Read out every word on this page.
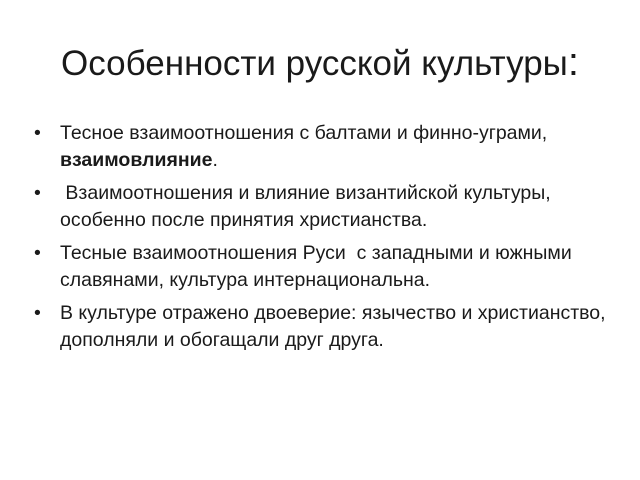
Особенности русской культуры:
• Тесное взаимоотношения с балтами и финно-уграми, взаимовлияние.
• Взаимоотношения и влияние византийской культуры, особенно после принятия христианства.
• Тесные взаимоотношения Руси  с западными и южными славянами, культура интернациональна.
• В культуре отражено двоеверие: язычество и христианство, дополняли и обогащали друг друга.
